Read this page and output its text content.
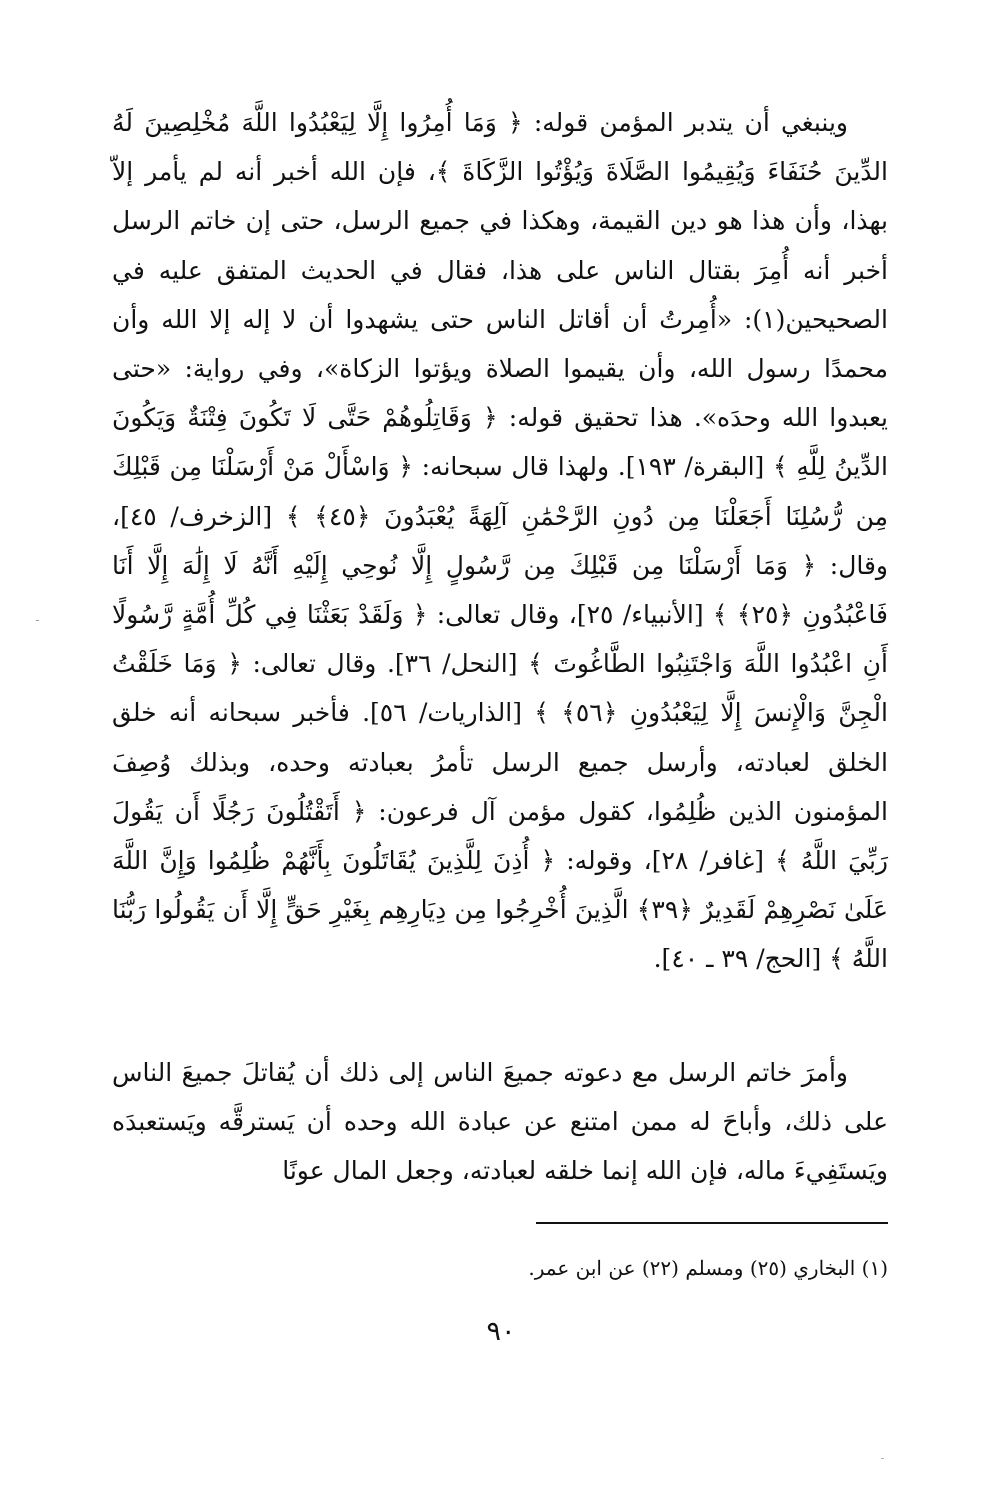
وينبغي أن يتدبر المؤمن قوله: ﴿ وَمَا أُمِرُوا إِلَّا لِيَعْبُدُوا اللَّهَ مُخْلِصِينَ لَهُ الدِّينَ حُنَفَاءَ وَيُقِيمُوا الصَّلَاةَ وَيُؤْتُوا الزَّكَاةَ ﴾، فإن الله أخبر أنه لم يأمر إلاّ بهذا، وأن هذا هو دين القيمة، وهكذا في جميع الرسل، حتى إن خاتم الرسل أخبر أنه أُمِرَ بقتال الناس على هذا، فقال في الحديث المتفق عليه في الصحيحين(١): «أُمِرتُ أن أقاتل الناس حتى يشهدوا أن لا إله إلا الله وأن محمدًا رسول الله، وأن يقيموا الصلاة ويؤتوا الزكاة»، وفي رواية: «حتى يعبدوا الله وحدَه». هذا تحقيق قوله: ﴿ وَقَاتِلُوهُمْ حَتَّى لَا تَكُونَ فِتْنَةٌ وَيَكُونَ الدِّينُ لِلَّهِ ﴾ [البقرة/ ١٩٣]. ولهذا قال سبحانه: ﴿ وَاسْأَلْ مَنْ أَرْسَلْنَا مِن قَبْلِكَ مِن رُّسُلِنَا أَجَعَلْنَا مِن دُونِ الرَّحْمَٰنِ آلِهَةً يُعْبَدُونَ ﴿٤٥﴾ ﴾ [الزخرف/ ٤٥]، وقال: ﴿ وَمَا أَرْسَلْنَا مِن قَبْلِكَ مِن رَّسُولٍ إِلَّا نُوحِي إِلَيْهِ أَنَّهُ لَا إِلَٰهَ إِلَّا أَنَا فَاعْبُدُونِ ﴿٢٥﴾ ﴾ [الأنبياء/ ٢٥]، وقال تعالى: ﴿ وَلَقَدْ بَعَثْنَا فِي كُلِّ أُمَّةٍ رَّسُولًا أَنِ اعْبُدُوا اللَّهَ وَاجْتَنِبُوا الطَّاغُوتَ ﴾ [النحل/ ٣٦]. وقال تعالى: ﴿ وَمَا خَلَقْتُ الْجِنَّ وَالْإِنسَ إِلَّا لِيَعْبُدُونِ ﴿٥٦﴾ ﴾ [الذاريات/ ٥٦]. فأخبر سبحانه أنه خلق الخلق لعبادته، وأرسل جميع الرسل تأمرُ بعبادته وحده، وبذلك وُصِفَ المؤمنون الذين ظُلِمُوا، كقول مؤمن آل فرعون: ﴿ أَتَقْتُلُونَ رَجُلًا أَن يَقُولَ رَبِّيَ اللَّهُ ﴾ [غافر/ ٢٨]، وقوله: ﴿ أُذِنَ لِلَّذِينَ يُقَاتَلُونَ بِأَنَّهُمْ ظُلِمُوا وَإِنَّ اللَّهَ عَلَىٰ نَصْرِهِمْ لَقَدِيرٌ ﴿٣٩﴾ الَّذِينَ أُخْرِجُوا مِن دِيَارِهِم بِغَيْرِ حَقٍّ إِلَّا أَن يَقُولُوا رَبُّنَا اللَّهُ ﴾ [الحج/ ٣٩ ـ ٤٠].

وأمرَ خاتم الرسل مع دعوته جميعَ الناس إلى ذلك أن يُقاتلَ جميعَ الناس على ذلك، وأباحَ له ممن امتنع عن عبادة الله وحده أن يَسترقَّه ويَستعبدَه ويَستَفِيءَ ماله، فإن الله إنما خلقه لعبادته، وجعل المال عونًا

(١) البخاري (٢٥) ومسلم (٢٢) عن ابن عمر.

٩٠
